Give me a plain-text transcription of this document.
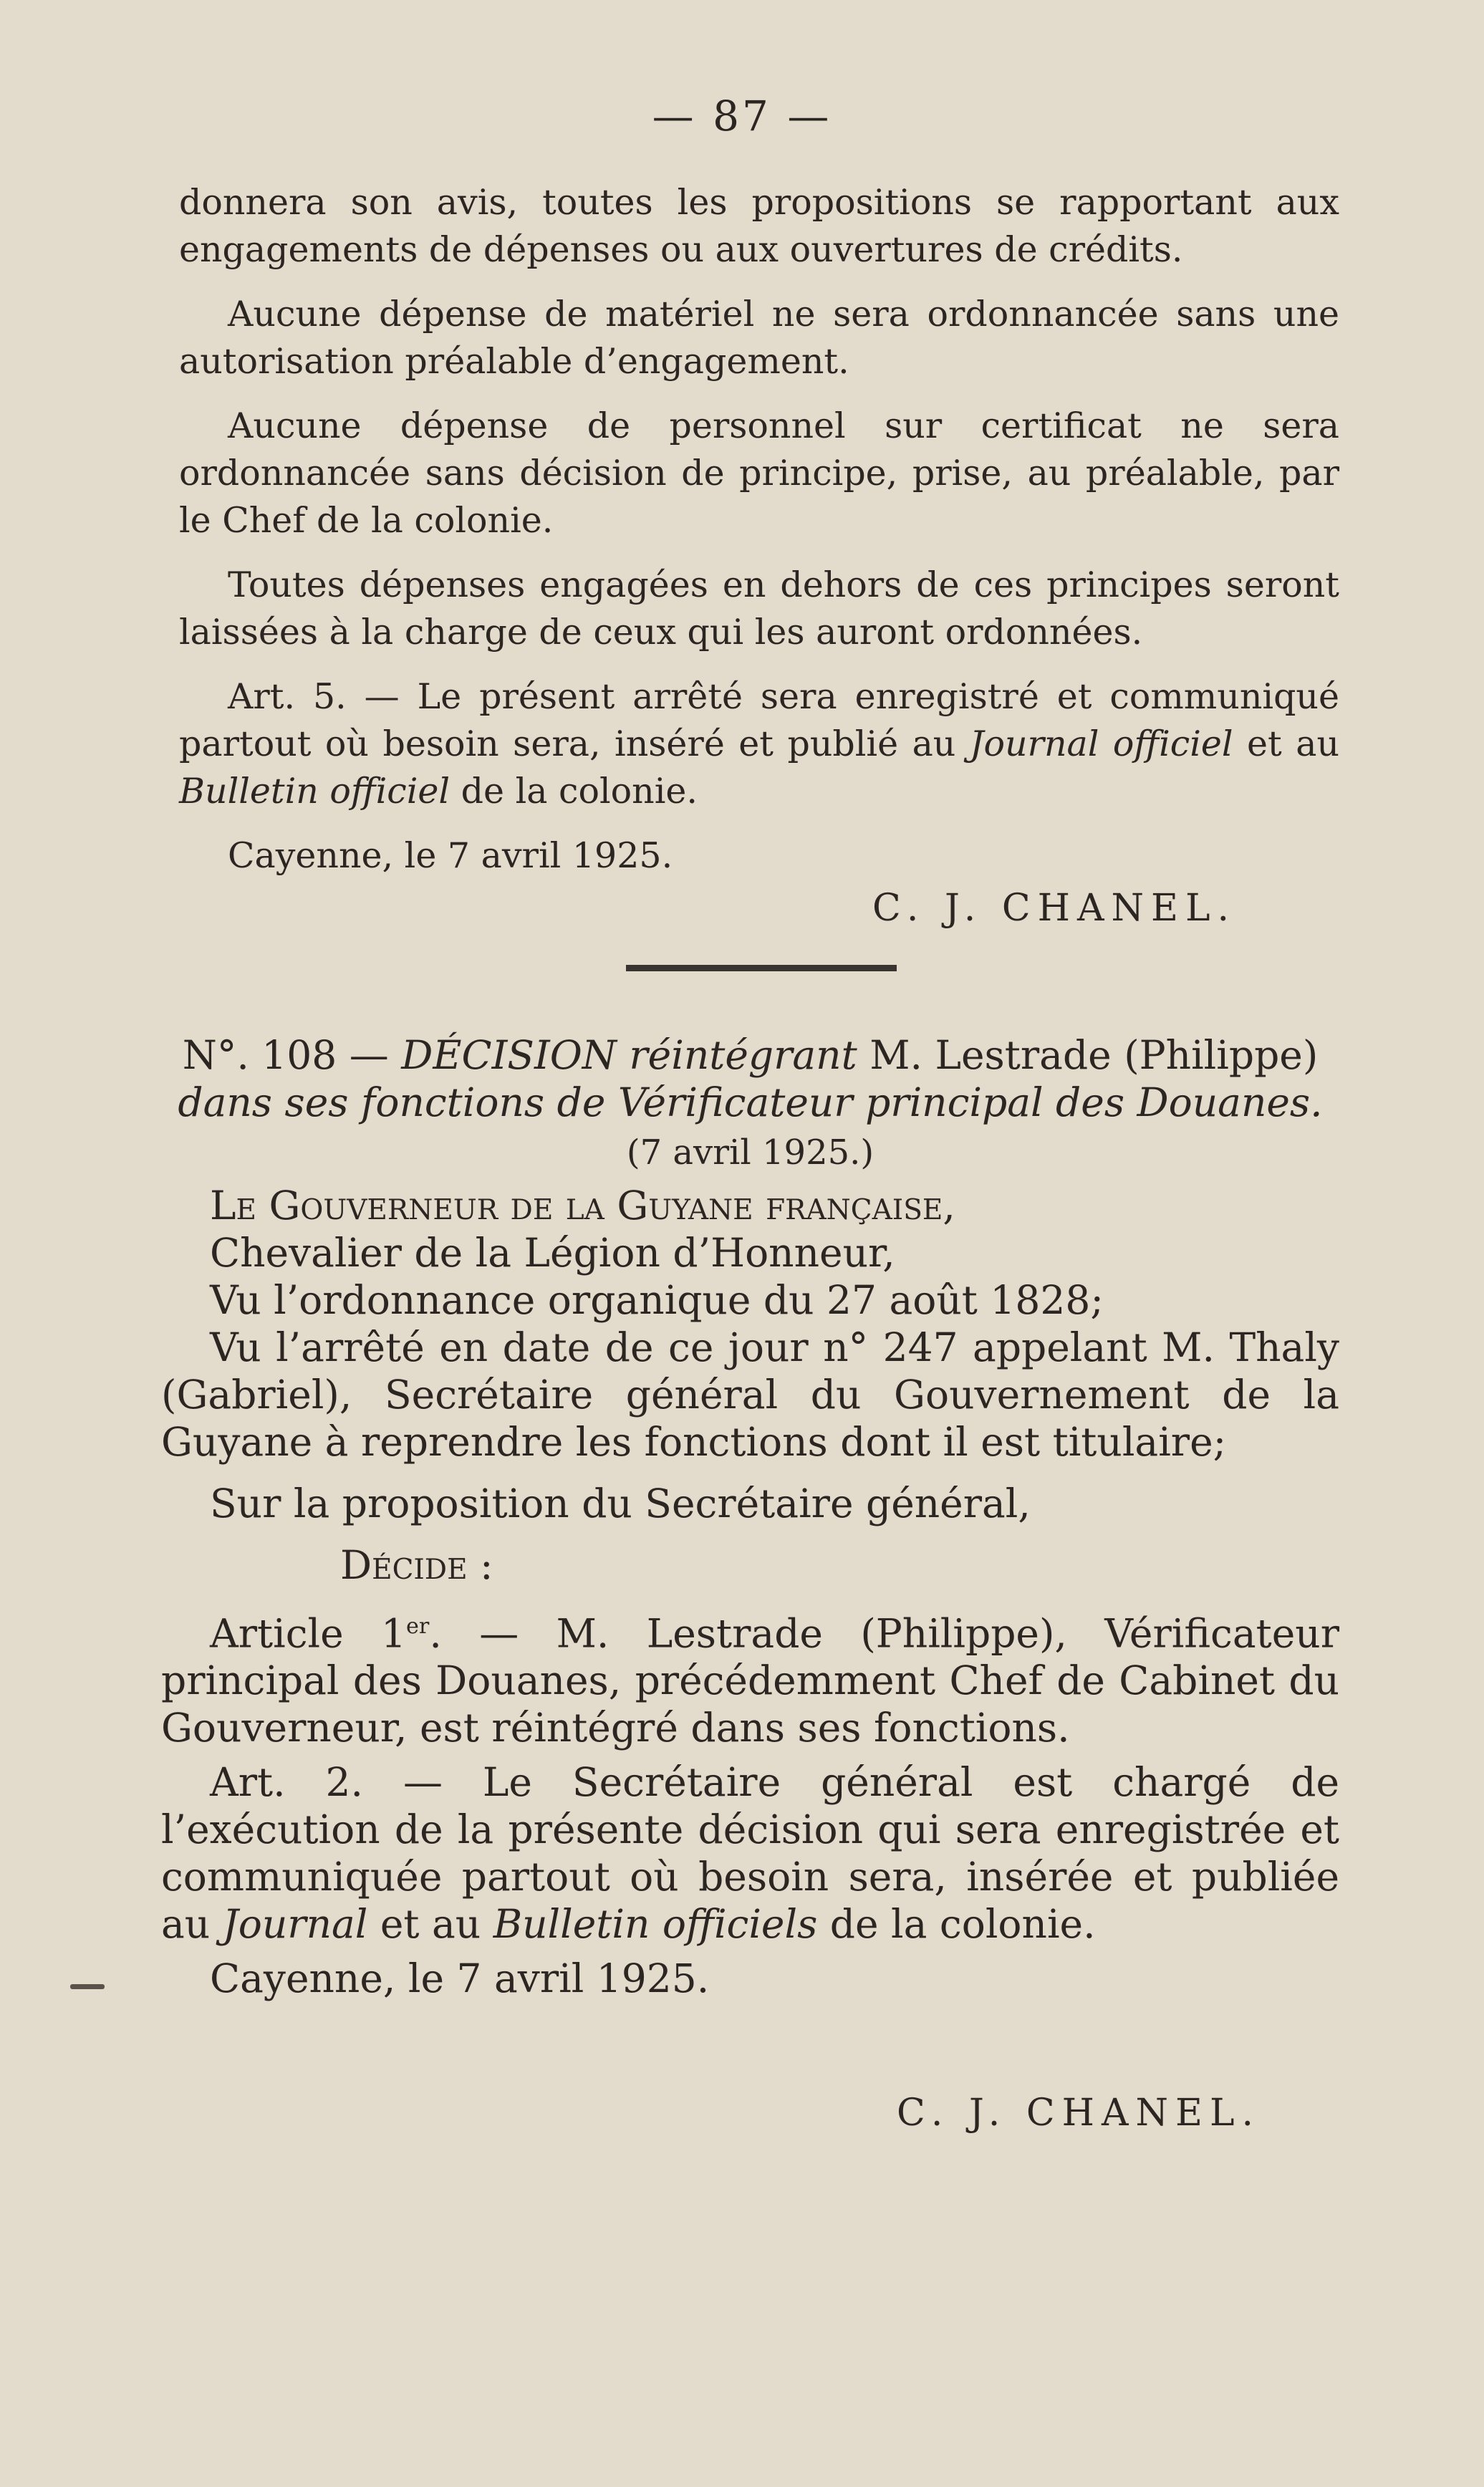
— 87 —

donnera son avis, toutes les propositions se rapportant aux engagements de dépenses ou aux ouvertures de crédits.

Aucune dépense de matériel ne sera ordonnancée sans une autorisation préalable d’engagement.

Aucune dépense de personnel sur certificat ne sera ordonnancée sans décision de principe, prise, au préalable, par le Chef de la colonie.

Toutes dépenses engagées en dehors de ces principes seront laissées à la charge de ceux qui les auront ordonnées.

Art. 5. — Le présent arrêté sera enregistré et communiqué partout où besoin sera, inséré et publié au Journal officiel et au Bulletin officiel de la colonie.

Cayenne, le 7 avril 1925.

C. J. CHANEL.

N°. 108 — DÉCISION réintégrant M. Lestrade (Philippe)

dans ses fonctions de Vérificateur principal des Douanes.

(7 avril 1925.)

Le Gouverneur de la Guyane française,

Chevalier de la Légion d’Honneur,

Vu l’ordonnance organique du 27 août 1828;

Vu l’arrêté en date de ce jour n° 247 appelant M. Thaly (Gabriel), Secrétaire général du Gouvernement de la Guyane à reprendre les fonctions dont il est titulaire;

Sur la proposition du Secrétaire général,

Décide :

Article 1er. — M. Lestrade (Philippe), Vérificateur principal des Douanes, précédemment Chef de Cabinet du Gouverneur, est réintégré dans ses fonctions.

Art. 2. — Le Secrétaire général est chargé de l’exécution de la présente décision qui sera enregistrée et communiquée partout où besoin sera, insérée et publiée au Journal et au Bulletin officiels de la colonie.

Cayenne, le 7 avril 1925.

C. J. CHANEL.
